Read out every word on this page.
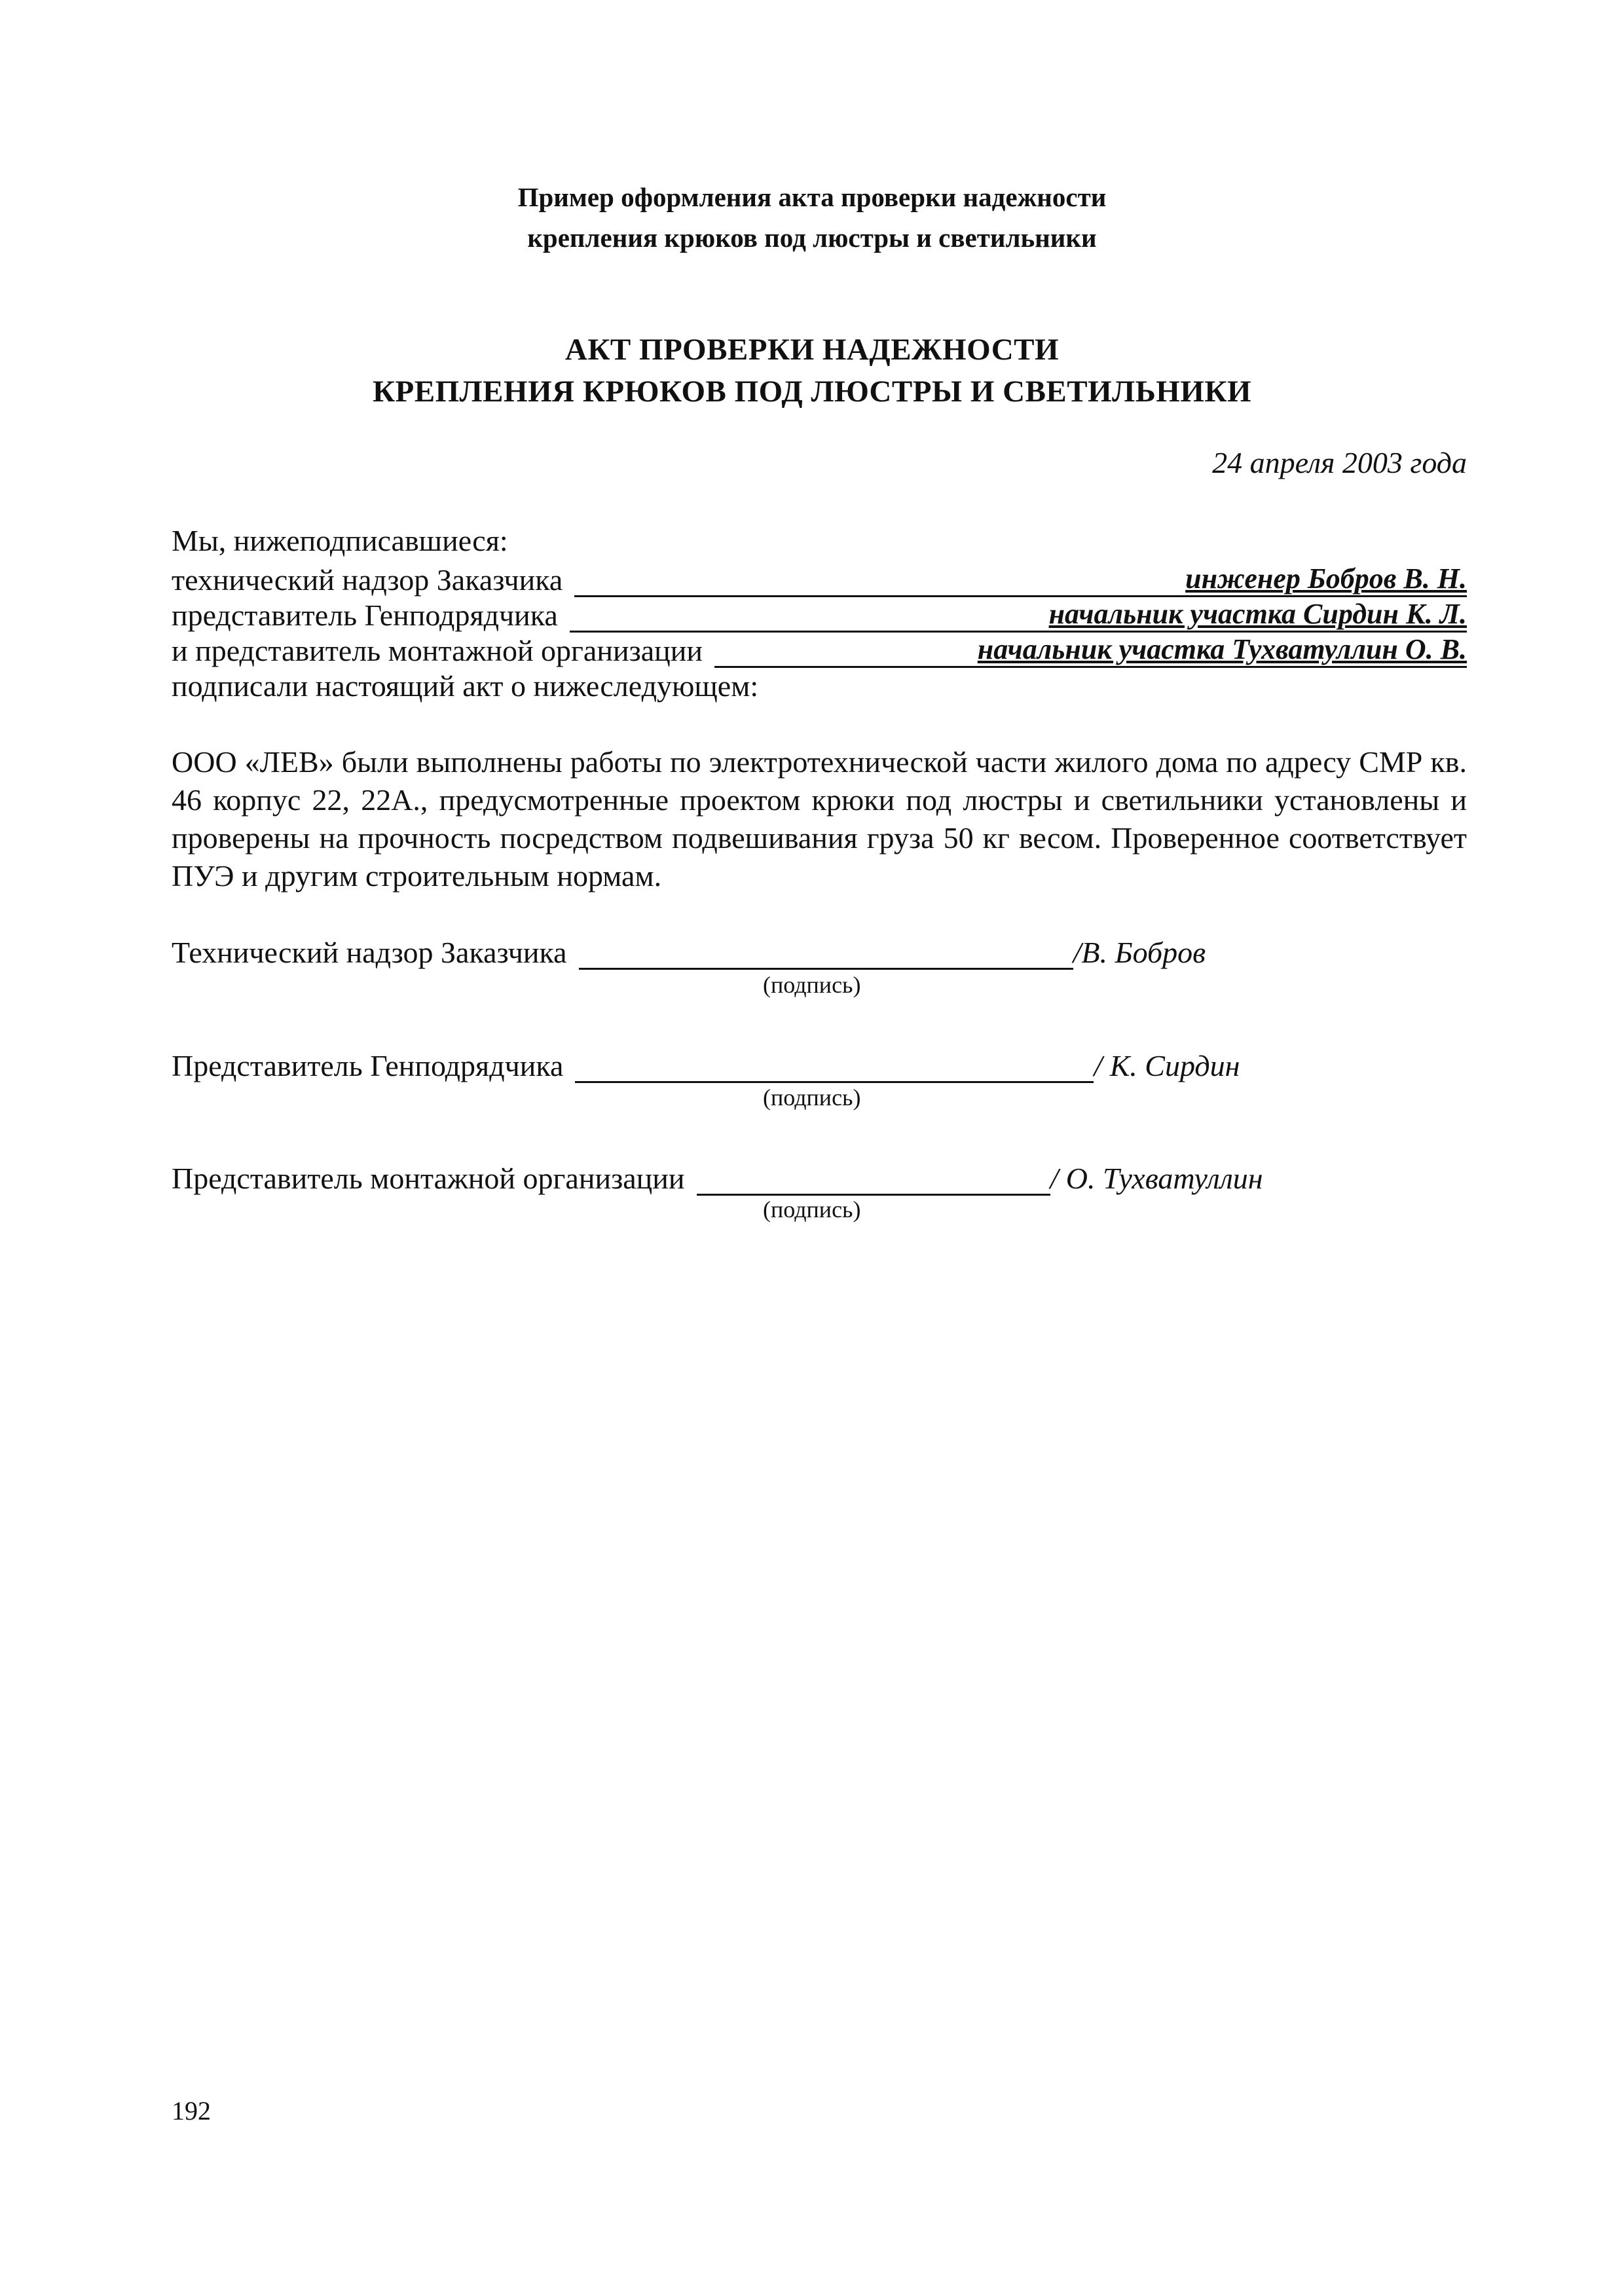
Пример оформления акта проверки надежности
крепления крюков под люстры и светильники
АКТ ПРОВЕРКИ НАДЕЖНОСТИ
КРЕПЛЕНИЯ КРЮКОВ ПОД ЛЮСТРЫ И СВЕТИЛЬНИКИ
24 апреля 2003 года
Мы, нижеподписавшиеся:
технический надзор Заказчика	инженер Бобров В. Н.
представитель Генподрядчика	начальник участка Сирдин К. Л.
и представитель монтажной организации	начальник участка Тухватуллин О. В.
подписали настоящий акт о нижеследующем:
ООО «ЛЕВ» были выполнены работы по электротехнической части жилого дома по адресу СМР кв. 46 корпус 22, 22А., предусмотренные проектом крюки под люстры и светильники установлены и проверены на прочность посредством подвешивания груза 50 кг весом. Проверенное соответствует ПУЭ и другим строительным нормам.
Технический надзор Заказчика	/В. Бобров
(подпись)
Представитель Генподрядчика	/ К. Сирдин
(подпись)
Представитель монтажной организации	/ О. Тухватуллин
(подпись)
192
